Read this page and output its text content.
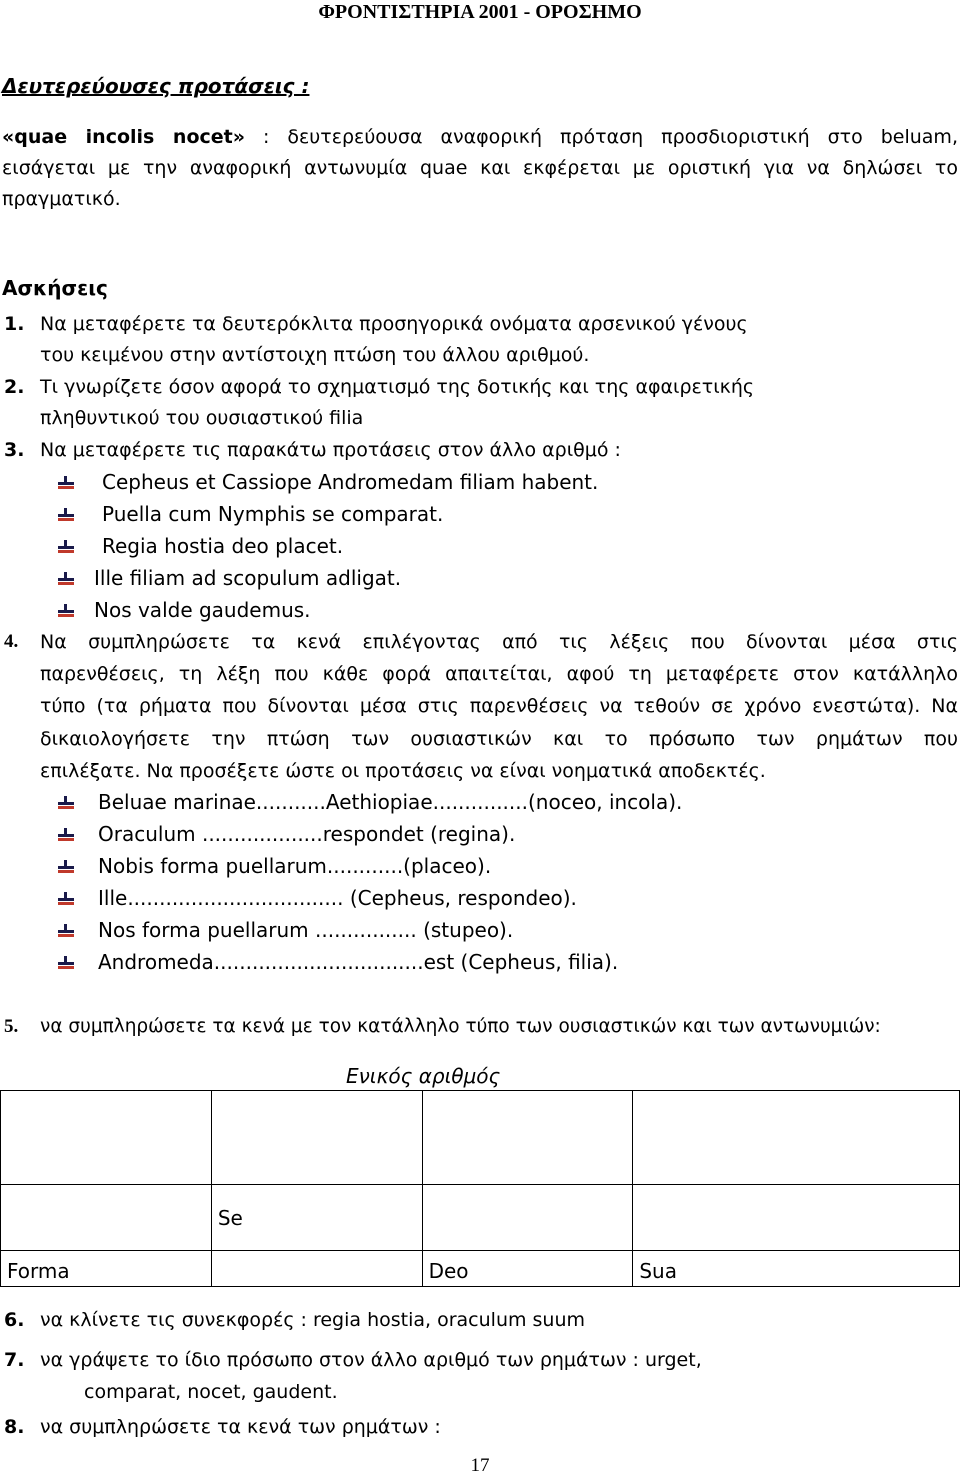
ΦΡΟΝΤΙΣΤΗΡΙΑ 2001 - ΟΡΟΣΗΜΟ
Δευτερεύουσες προτάσεις :
«quae incolis nocet» : δευτερεύουσα αναφορική πρόταση προσδιοριστική στο beluam,
εισάγεται με την αναφορική αντωνυμία quae και εκφέρεται με οριστική για να δηλώσει το
πραγματικό.
Ασκήσεις
1. Να μεταφέρετε τα δευτερόκλιτα προσηγορικά ονόματα αρσενικού γένους
του κειμένου στην αντίστοιχη πτώση του άλλου αριθμού.
2. Τι γνωρίζετε όσον αφορά το σχηματισμό της δοτικής και της αφαιρετικής
πληθυντικού του ουσιαστικού filia
3. Να μεταφέρετε τις παρακάτω προτάσεις στον άλλο αριθμό :
Cepheus et Cassiope Andromedam filiam habent.
Puella cum Nymphis se comparat.
Regia hostia deo placet.
Ille filiam ad scopulum adligat.
Nos valde gaudemus.
4. Να συμπληρώσετε τα κενά επιλέγοντας από τις λέξεις που δίνονται μέσα στις
παρενθέσεις, τη λέξη που κάθε φορά απαιτείται, αφού τη μεταφέρετε στον κατάλληλο
τύπο (τα ρήματα που δίνονται μέσα στις παρενθέσεις να τεθούν σε χρόνο ενεστώτα). Να
δικαιολογήσετε την πτώση των ουσιαστικών και το πρόσωπο των ρημάτων που
επιλέξατε. Να προσέξετε ώστε οι προτάσεις να είναι νοηματικά αποδεκτές.
Beluae marinae...........Aethiopiae...............(noceo, incola).
Oraculum ...................respondet (regina).
Nobis forma puellarum............(placeo).
Ille.................................. (Cepheus, respondeo).
Nos forma puellarum ................ (stupeo).
Andromeda.................................est (Cepheus, filia).
5. να συμπληρώσετε τα κενά με τον κατάλληλο τύπο των ουσιαστικών και των αντωνυμιών:
Ενικός αριθμός

	Se		
Forma		Deo	Sua
6. να κλίνετε τις συνεκφορές : regia hostia, oraculum suum
7. να γράψετε το ίδιο πρόσωπο στον άλλο αριθμό των ρημάτων : urget,
comparat, nocet, gaudent.
8. να συμπληρώσετε τα κενά των ρημάτων :
17
